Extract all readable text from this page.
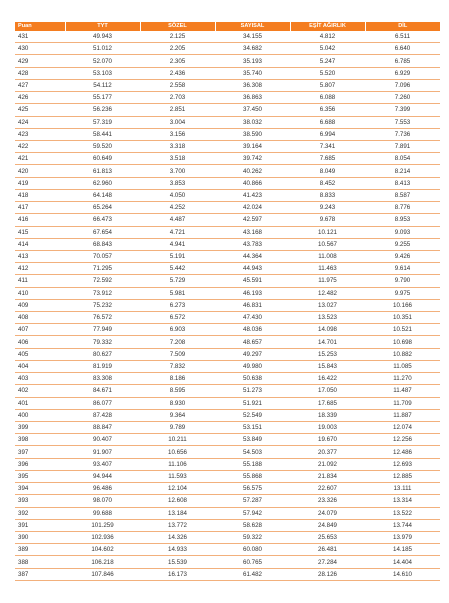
Puan	TYT	SÖZEL	SAYISAL	EŞİT AĞIRLIK	DİL
431	49.943	2.125	34.155	4.812	6.511
430	51.012	2.205	34.682	5.042	6.640
429	52.070	2.305	35.193	5.247	6.785
428	53.103	2.436	35.740	5.520	6.929
427	54.112	2.558	36.308	5.807	7.096
426	55.177	2.703	36.863	6.088	7.260
425	56.236	2.851	37.450	6.356	7.399
424	57.319	3.004	38.032	6.688	7.553
423	58.441	3.156	38.590	6.994	7.736
422	59.520	3.318	39.164	7.341	7.891
421	60.649	3.518	39.742	7.685	8.054
420	61.813	3.700	40.262	8.049	8.214
419	62.960	3.853	40.866	8.452	8.413
418	64.148	4.050	41.423	8.833	8.587
417	65.264	4.252	42.024	9.243	8.776
416	66.473	4.487	42.597	9.678	8.953
415	67.654	4.721	43.168	10.121	9.093
414	68.843	4.941	43.783	10.567	9.255
413	70.057	5.191	44.364	11.008	9.426
412	71.295	5.442	44.943	11.463	9.614
411	72.592	5.729	45.591	11.975	9.790
410	73.912	5.981	46.193	12.482	9.975
409	75.232	6.273	46.831	13.027	10.166
408	76.572	6.572	47.430	13.523	10.351
407	77.949	6.903	48.036	14.098	10.521
406	79.332	7.208	48.657	14.701	10.698
405	80.627	7.509	49.297	15.253	10.882
404	81.919	7.832	49.980	15.843	11.085
403	83.308	8.186	50.638	16.422	11.270
402	84.671	8.595	51.273	17.050	11.487
401	86.077	8.930	51.921	17.685	11.709
400	87.428	9.364	52.549	18.339	11.887
399	88.847	9.789	53.151	19.003	12.074
398	90.407	10.211	53.849	19.670	12.256
397	91.907	10.656	54.503	20.377	12.486
396	93.407	11.106	55.188	21.092	12.693
395	94.944	11.593	55.868	21.834	12.885
394	96.486	12.104	56.575	22.607	13.111
393	98.070	12.608	57.287	23.326	13.314
392	99.688	13.184	57.942	24.079	13.522
391	101.259	13.772	58.628	24.849	13.744
390	102.936	14.326	59.322	25.653	13.979
389	104.602	14.933	60.080	26.481	14.185
388	106.218	15.539	60.765	27.284	14.404
387	107.846	16.173	61.482	28.126	14.610
